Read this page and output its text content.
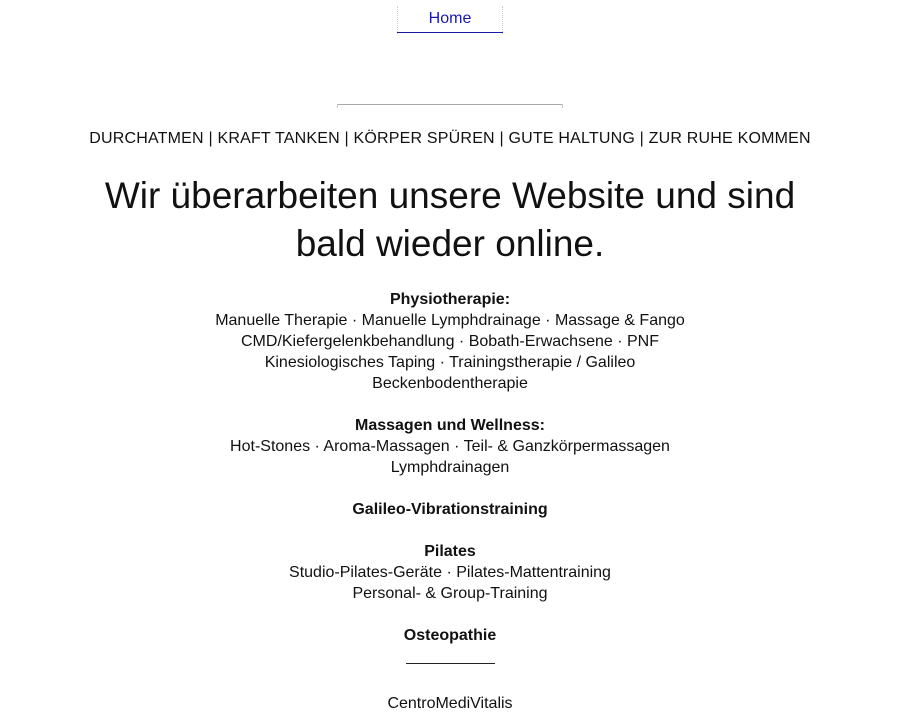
Home
DURCHATMEN | KRAFT TANKEN | KÖRPER SPÜREN | GUTE HALTUNG | ZUR RUHE KOMMEN
Wir überarbeiten unsere Website und sind bald wieder online.
Physiotherapie:
Manuelle Therapie · Manuelle Lymphdrainage · Massage & Fango
CMD/Kiefergelenkbehandlung · Bobath-Erwachsene · PNF
Kinesiologisches Taping · Trainingstherapie / Galileo
Beckenbodentherapie
Massagen und Wellness:
Hot-Stones · Aroma-Massagen · Teil- & Ganzkörpermassagen
Lymphdrainagen
Galileo-Vibrationstraining
Pilates
Studio-Pilates-Geräte · Pilates-Mattentraining
Personal- & Group-Training
Osteopathie
CentroMediVitalis
